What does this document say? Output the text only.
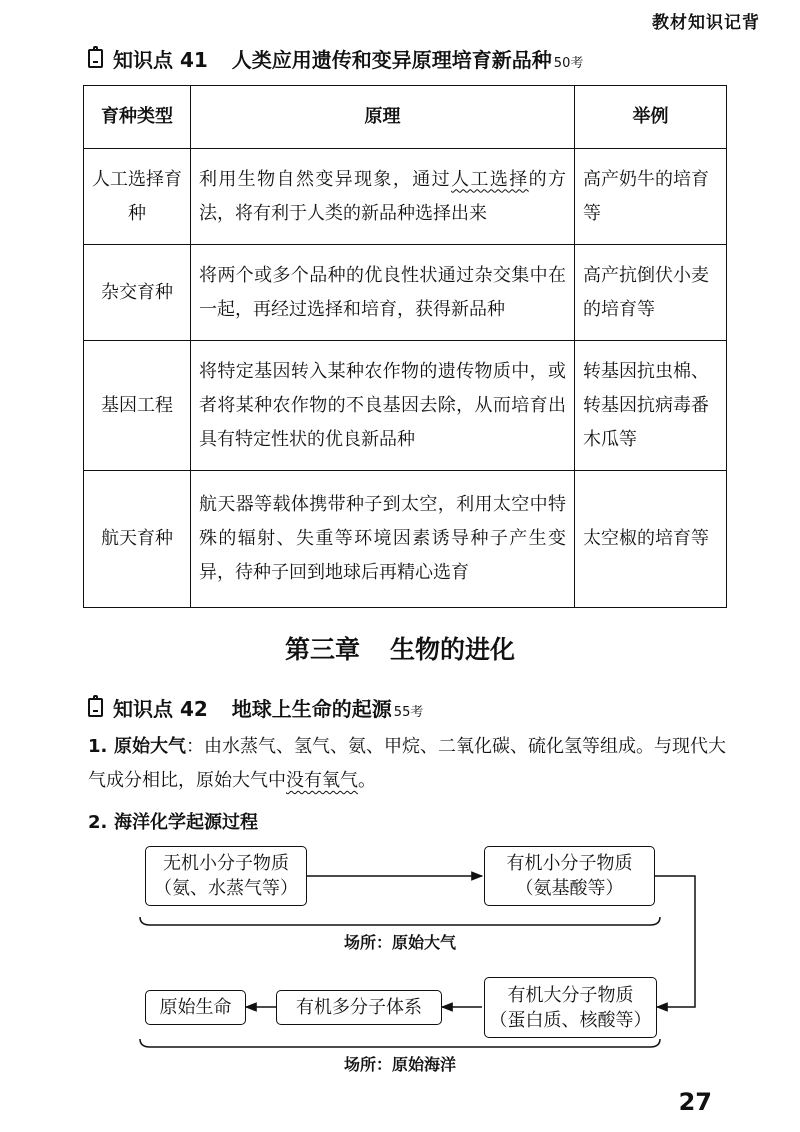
教材知识记背
知识点 41 人类应用遗传和变异原理培育新品种 50考
育种类型	原理	举例
人工选择育种	利用生物自然变异现象，通过人工选择的方法，将有利于人类的新品种选择出来	高产奶牛的培育等
杂交育种	将两个或多个品种的优良性状通过杂交集中在一起，再经过选择和培育，获得新品种	高产抗倒伏小麦的培育等
基因工程	将特定基因转入某种农作物的遗传物质中，或者将某种农作物的不良基因去除，从而培育出具有特定性状的优良新品种	转基因抗虫棉、转基因抗病毒番木瓜等
航天育种	航天器等载体携带种子到太空，利用太空中特殊的辐射、失重等环境因素诱导种子产生变异，待种子回到地球后再精心选育	太空椒的培育等
第三章 生物的进化
知识点 42 地球上生命的起源 55考
1. 原始大气：由水蒸气、氢气、氨、甲烷、二氧化碳、硫化氢等组成。与现代大气成分相比，原始大气中没有氧气。
2. 海洋化学起源过程
无机小分子物质
（氨、水蒸气等）
有机小分子物质
（氨基酸等）
场所：原始大气
有机大分子物质
（蛋白质、核酸等）
有机多分子体系
原始生命
场所：原始海洋
27
